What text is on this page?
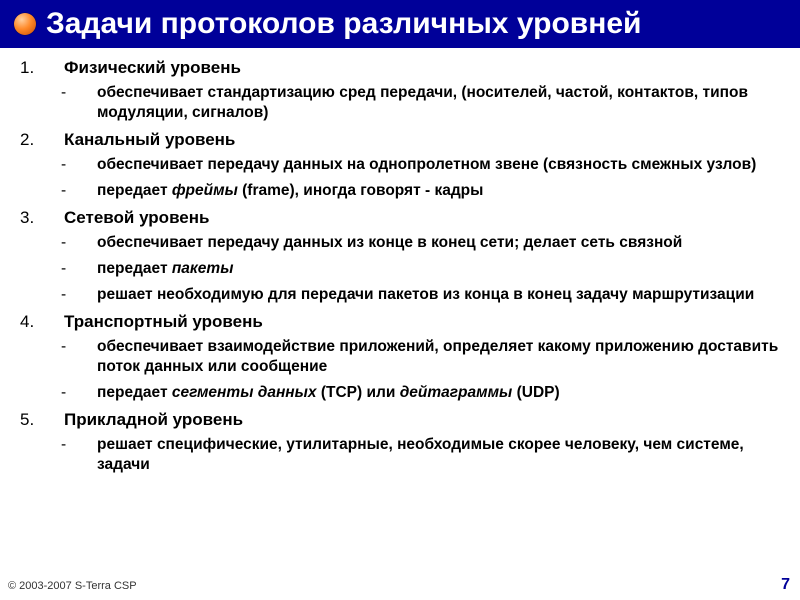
Задачи протоколов различных уровней
1. Физический уровень
- обеспечивает стандартизацию сред передачи, (носителей, частой, контактов, типов модуляции, сигналов)
2. Канальный уровень
- обеспечивает передачу данных на однопролетном звене (связность смежных узлов)
- передает фреймы (frame), иногда говорят - кадры
3. Сетевой уровень
- обеспечивает передачу данных из конце в конец сети; делает сеть связной
- передает пакеты
- решает необходимую для передачи пакетов из конца в конец задачу маршрутизации
4. Транспортный уровень
- обеспечивает взаимодействие приложений, определяет какому приложению доставить поток данных или сообщение
- передает сегменты данных (TCP) или дейтаграммы (UDP)
5. Прикладной уровень
- решает специфические, утилитарные, необходимые скорее человеку, чем системе, задачи
© 2003-2007 S-Terra CSP	7
